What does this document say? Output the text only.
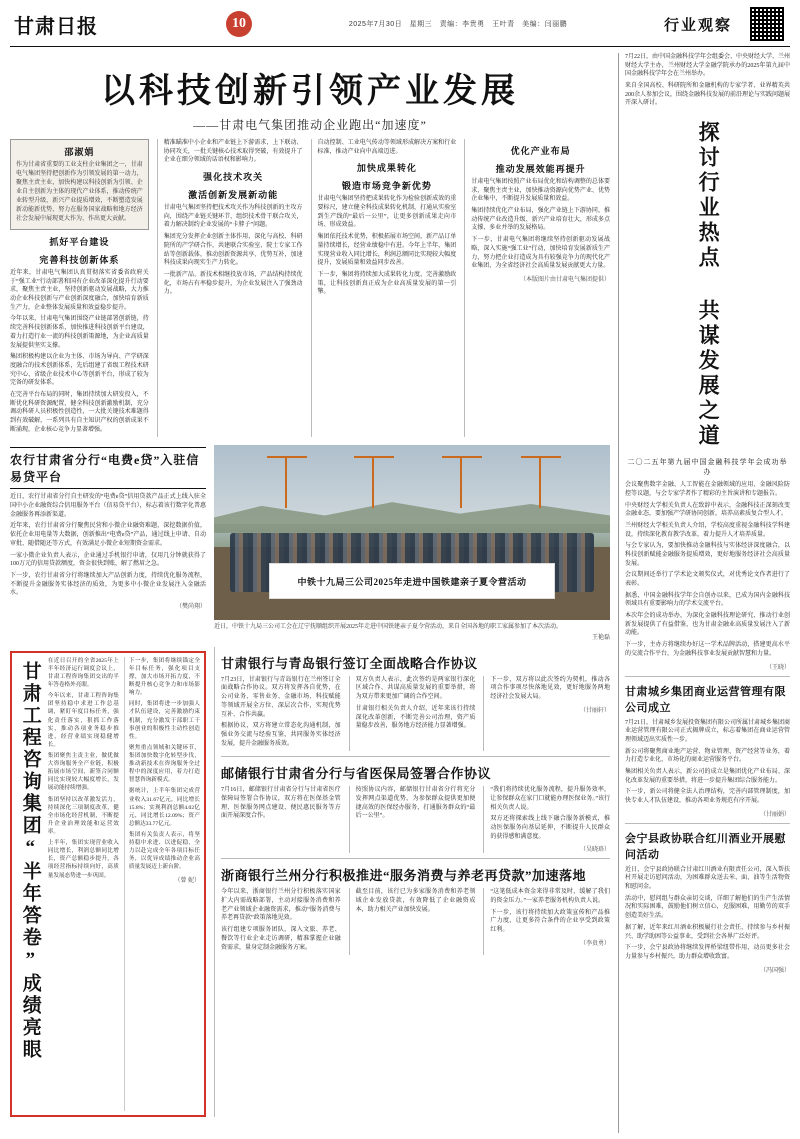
甘肃日报	10	2025年7月30日　星期三　责编：李贵勇　王叶青　美编：闫丽鹏	行业观察
以科技创新引领产业发展
——甘肃电气集团推动企业跑出“加速度”
邵淑娟
作为甘肃省重要的工业支柱企业集团之一，甘肃电气集团坚持把创新作为引领发展的第一动力，聚焦主责主业，加快构建以科技创新为引领、企业自主创新为主体的现代产业体系，推动传统产业转型升级、新兴产业提质增效，不断塑造发展新动能新优势，努力在服务国家战略和地方经济社会发展中展现更大作为、作出更大贡献。
抓好平台建设
完善科技创新体系

近年来，甘肃电气集团认真贯彻落实省委省政府关于“强工业”行动部署和国有企业改革深化提升行动要求，聚焦主责主业，坚持创新驱动发展战略，大力推动企业科技创新与产业创新深度融合，加快培育新质生产力，企业整体发展质量和效益稳步提升。

今年以来，甘肃电气集团围绕产业链部署创新链，持续完善科技创新体系，加快推进科技创新平台建设，着力打造行业一流的科技创新策源地，为企业高质量发展提供坚实支撑。

集团积极构建以企业为主体、市场为导向、产学研深度融合的技术创新体系，先后组建了省级工程技术研究中心、省级企业技术中心等创新平台，形成了较为完备的研发体系。

在完善平台布局的同时，集团持续加大研发投入，不断优化科研资源配置，健全科技创新激励机制，充分调动科研人员积极性创造性，一大批关键技术难题得到有效破解，一系列具有自主知识产权的创新成果不断涌现，企业核心竞争力显著增强。

精准瞄准中小企业和产业链上下游需求，上下联动、协同攻关，一批关键核心技术取得突破，有效提升了企业在细分领域的话语权和影响力。

强化技术攻关
激活创新发展新动能

甘肃电气集团坚持把技术攻关作为科技创新的主攻方向，围绕产业链关键环节，组织技术骨干联合攻关，着力解决制约企业发展的“卡脖子”问题。

集团充分发挥企业创新主体作用，深化与高校、科研院所的产学研合作，共建联合实验室、院士专家工作站等创新载体，推动创新资源共享、优势互补，加速科技成果向现实生产力转化。

一批新产品、新技术相继投放市场，产品结构持续优化，市场占有率稳步提升，为企业发展注入了强劲动力。

自动控制、工业电气传动等领域形成解决方案和行业标准，推动产业向中高端迈进。

加快成果转化
锻造市场竞争新优势

甘肃电气集团坚持把成果转化作为检验创新成效的重要标尺，建立健全科技成果转化机制，打通从实验室到生产线的“最后一公里”，让更多创新成果走向市场、形成效益。

集团依托技术优势，积极拓展市场空间，新产品订单量持续增长，经营业绩稳中有进。今年上半年，集团实现营业收入同比增长，利润总额同比实现较大幅度提升，发展质量和效益同步改善。

下一步，集团将持续加大成果转化力度，完善激励政策，让科技创新真正成为企业高质量发展的第一引擎。

优化产业布局
推动发展效能再提升

甘肃电气集团按照产业布局优化和结构调整的总体要求，聚焦主责主业，加快推动资源向优势产业、优势企业集中，不断提升发展质量和效益。

集团持续优化产业布局，强化产业链上下游协同，推动传统产业改造升级、新兴产业培育壮大，形成多点支撑、多业并举的发展格局。

下一步，甘肃电气集团将继续坚持创新驱动发展战略，深入实施“强工业”行动，加快培育发展新质生产力，努力把企业打造成为具有较强竞争力的现代化产业集团，为全省经济社会高质量发展贡献更大力量。

（本版图片由甘肃电气集团提供）
农行甘肃省分行“电费e贷”入驻信易贷平台

近日，农行甘肃省分行自主研发的“电费e贷”信用贷款产品正式上线入驻全国中小企业融资综合信用服务平台（信易贷平台），标志着该行数字化普惠金融服务再添新渠道。

近年来，农行甘肃省分行聚焦民营和小微企业融资难题，深挖数据价值，依托企业用电量等大数据，创新推出“电费e贷”产品，通过线上申请、自动审批、随借随还等方式，有效满足小微企业短期资金需求。

一家小微企业负责人表示，企业通过手机银行申请，仅用几分钟就获得了100万元的信用贷款额度，资金很快到账，解了燃眉之急。

下一步，农行甘肃省分行将继续加大产品创新力度，持续优化服务流程，不断提升金融服务实体经济的质效，为更多中小微企业发展注入金融活水。

（樊尚翔）
中铁十九局三公司2025年走进中国铁建亲子夏令营活动
近日，中铁十九局三公司工会在辽宁抚顺组织开展2025年走进中国铁建亲子夏令营活动，来自全国各地的职工家属参加了本次活动。
王艳磊
甘肃工程咨询集团“半年答卷”成绩亮眼	在近日召开的全省2025年上半年经济运行调度会议上，甘肃工程咨询集团交出的半年答卷格外亮眼。

今年以来，甘肃工程咨询集团坚持稳中求进工作总基调，紧盯年度目标任务，强化责任落实，狠抓工作落实，推动各项业务稳步推进，经营业绩实现稳健增长。

集团聚焦主责主业，做优做大咨询服务全产业链，积极拓展市场空间，新签合同额同比实现较大幅度增长，发展动能持续增强。

集团坚持以改革激发活力，持续深化三项制度改革，健全市场化经营机制，不断提升企业治理效能和运营效率。

上半年，集团实现营业收入同比增长，利润总额同比增长，资产总额稳步提升，各项经营指标持续向好，高质量发展态势进一步巩固。

下一步，集团将继续锚定全年目标任务，强化项目支撑，加大市场开拓力度，不断提升核心竞争力和市场影响力。

同时，集团将进一步加强人才队伍建设，完善激励约束机制，充分激发干部职工干事创业的积极性主动性创造性。

聚焦重点领域和关键环节，集团加快数字化转型步伐，推动新技术在咨询服务全过程中的深度应用，着力打造智慧咨询新模式。

据统计，上半年集团完成营业收入31.67亿元，同比增长15.8%；实现利润总额4.02亿元，同比增长12.09%；资产总额达33.77亿元。

集团有关负责人表示，将坚持稳中求进、以进促稳，全力以赴完成全年各项目标任务，以优异成绩推动企业高质量发展迈上新台阶。

（曾 妮）
甘肃银行与青岛银行签订全面战略合作协议

7月23日，甘肃银行与青岛银行在兰州签订全面战略合作协议。双方将发挥各自优势，在公司业务、零售业务、金融市场、科技赋能等领域开展全方位、深层次合作，实现优势互补、合作共赢。

根据协议，双方将建立常态化沟通机制，加强业务交流与经验互鉴，共同服务实体经济发展，提升金融服务质效。

双方负责人表示，此次签约是两家银行深化区域合作、共谋高质量发展的重要举措，将为双方带来更加广阔的合作空间。

甘肃银行相关负责人介绍，近年来该行持续深化改革创新，不断完善公司治理，资产质量稳步改善，服务地方经济能力显著增强。

下一步，双方将以此次签约为契机，推动各项合作事项尽快落地见效，更好地服务两地经济社会发展大局。

（甘丽轩）
邮储银行甘肃省分行与省医保局签署合作协议

7月16日，邮储银行甘肃省分行与甘肃省医疗保障局签署合作协议，双方将在医保基金管理、医保服务网点建设、便民惠民服务等方面开展深度合作。

按照协议内容，邮储银行甘肃省分行将充分发挥网点渠道优势，为参保群众提供更加便捷高效的医保经办服务，打通服务群众的“最后一公里”。

“我们将持续优化服务流程，提升服务效率，让参保群众在家门口就能办理医保业务。”该行相关负责人说。

双方还将探索线上线下融合服务新模式，推动医保服务向基层延伸，不断提升人民群众的获得感和满意度。

（吴晓珞）
浙商银行兰州分行积极推进“服务消费与养老再贷款”加速落地

今年以来，浙商银行兰州分行积极落实国家扩大内需战略部署，主动对接服务消费和养老产业领域企业融资需求，推动“服务消费与养老再贷款”政策落地见效。

该行组建专项服务团队，深入文旅、养老、餐饮等行业企业走访调研，精准掌握企业融资需求，量身定制金融服务方案。

截至目前，该行已为多家服务消费和养老领域企业发放贷款，有效降低了企业融资成本，助力相关产业加快发展。

“这笔低成本资金来得非常及时，缓解了我们的资金压力。”一家养老服务机构负责人说。

下一步，该行将持续加大政策宣传和产品推广力度，让更多符合条件的企业享受到政策红利。

（李贵勇）

7月22日，由中国金融科技学年会组委会、中央财经大学、兰州财经大学主办，兰州财经大学金融学院承办的2025年第九届中国金融科技学年会在兰州举办。

来自全国高校、科研院所和金融机构的专家学者、业界精英共200余人参加会议，围绕金融科技发展的前沿理论与实践问题展开深入研讨。

探讨行业热点 共谋发展之道
二〇二五年第九届中国金融科技学年会成功举办

会议聚焦数字金融、人工智能在金融领域的应用、金融风险防控等议题，与会专家学者作了精彩的主旨演讲和专题报告。

中央财经大学相关负责人在致辞中表示，金融科技正深刻改变金融业态，要加强产学研协同创新，培养高素质复合型人才。

兰州财经大学相关负责人介绍，学校高度重视金融科技学科建设，持续深化教育教学改革，着力提升人才培养质量。

与会专家认为，要加快推动金融科技与实体经济深度融合，以科技创新赋能金融服务提质增效，更好地服务经济社会高质量发展。

会议期间还举行了学术论文颁奖仪式，对优秀论文作者进行了表彰。

据悉，中国金融科技学年会自创办以来，已成为国内金融科技领域具有重要影响力的学术交流平台。

本次年会的成功举办，为深化金融科技理论研究、推动行业创新发展提供了有益借鉴，也为甘肃金融业高质量发展注入了新动能。

下一步，主办方将继续办好这一学术品牌活动，搭建更高水平的交流合作平台，为金融科技事业发展贡献智慧和力量。

（王晓）
甘肃城乡集团商业运营管理有限公司成立

7月21日，甘肃城乡发展投资集团有限公司所属甘肃城乡集团商业运营管理有限公司正式揭牌成立，标志着集团在商业运营管理领域迈出实质性一步。

新公司将聚焦商业地产运营、物业管理、资产经营等业务，着力打造专业化、市场化的商业运营服务平台。

集团相关负责人表示，新公司的成立是集团优化产业布局、深化改革发展的重要举措，将进一步提升集团综合服务能力。

下一步，新公司将健全法人治理结构，完善内部管理制度，加快专业人才队伍建设，推动各项业务规范有序开展。

（甘丽娟）
会宁县政协联合红川酒业开展慰问活动

近日，会宁县政协联合甘肃红川酒业有限责任公司，深入帮扶村开展走访慰问活动，为困难群众送去米、面、油等生活物资和慰问金。

活动中，慰问组与群众亲切交谈，详细了解他们的生产生活情况和实际困难，鼓励他们树立信心，克服困难，用勤劳的双手创造美好生活。

据了解，近年来红川酒业积极履行社会责任，持续参与乡村振兴、助学助困等公益事业，受到社会各界广泛好评。

下一步，会宁县政协将继续发挥桥梁纽带作用，动员更多社会力量参与乡村振兴，助力群众增收致富。

（冯国强）
